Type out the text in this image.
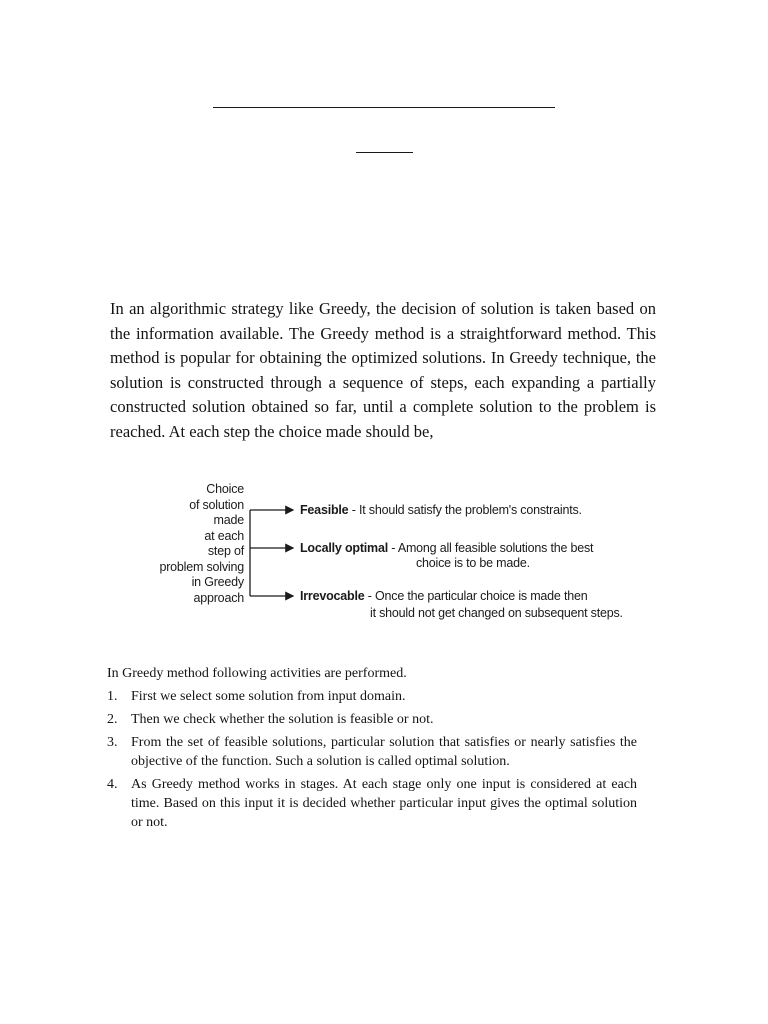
In an algorithmic strategy like Greedy, the decision of solution is taken based on
the information available. The Greedy method is a straightforward method. This
method is popular for obtaining the optimized solutions. In Greedy technique, the
solution is constructed through a sequence of steps, each expanding a partially
constructed solution obtained so far, until a complete solution to the problem is
reached. At each step the choice made should be,
Choice
of solution
made
at each
step of
problem solving
in Greedy
approach
Feasible - It should satisfy the problem's constraints.
Locally optimal - Among all feasible solutions the best
choice is to be made.
Irrevocable - Once the particular choice is made then
it should not get changed on subsequent steps.
In Greedy method following activities are performed.
1. First we select some solution from input domain.
2. Then we check whether the solution is feasible or not.
3. From the set of feasible solutions, particular solution that satisfies or nearly satisfies the objective of the function. Such a solution is called optimal solution.
4. As Greedy method works in stages. At each stage only one input is considered at each time. Based on this input it is decided whether particular input gives the optimal solution or not.
